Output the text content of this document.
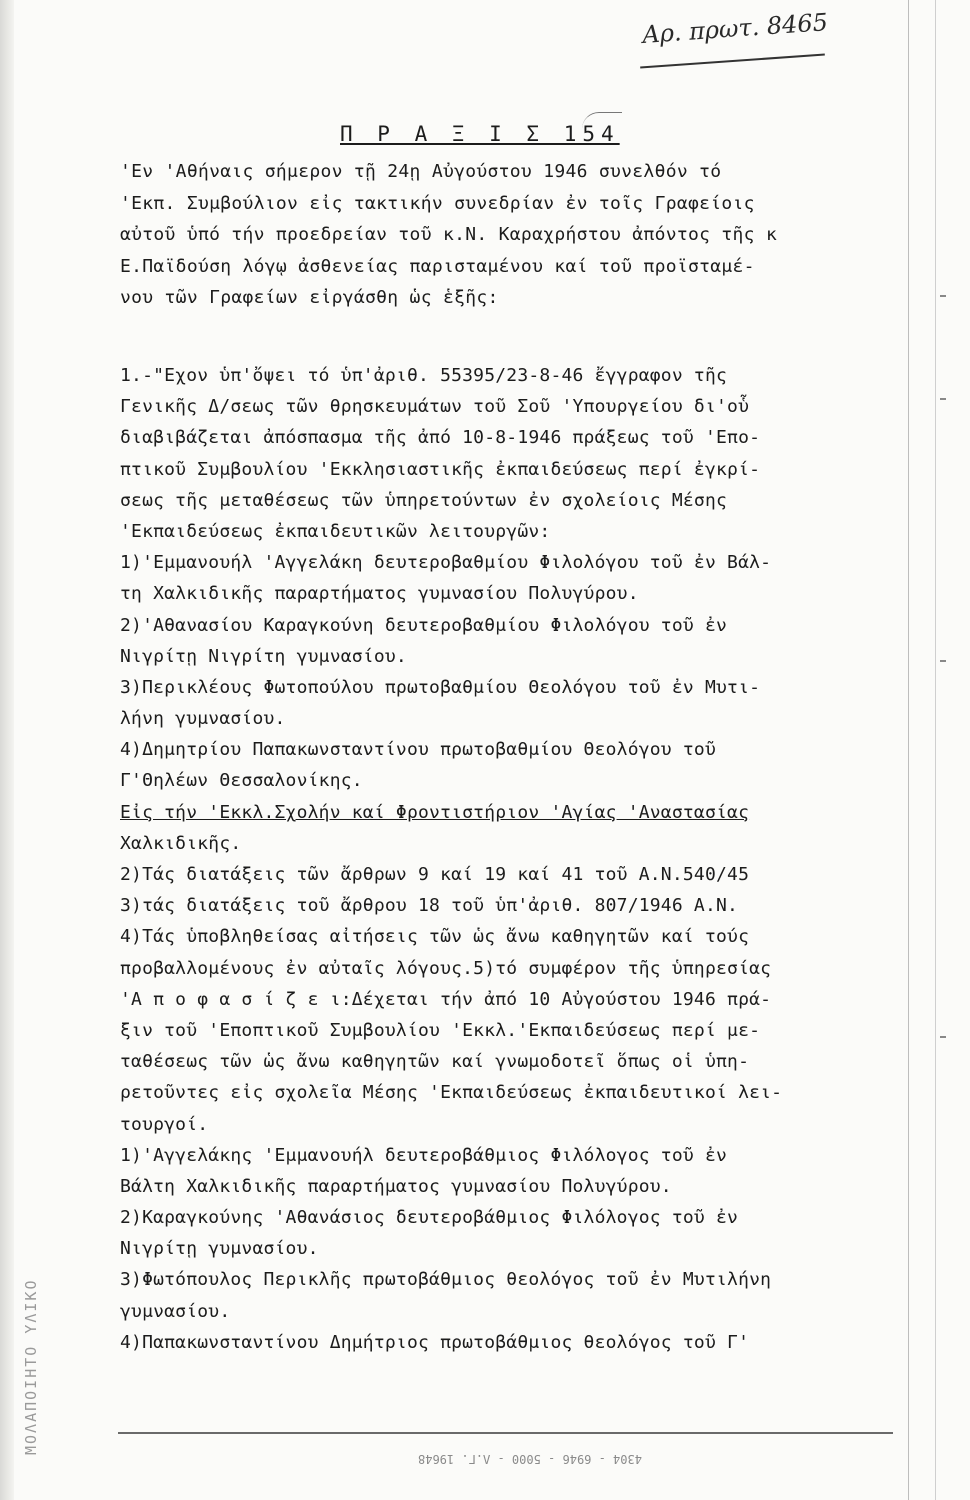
ΜΟΛΑΠΟΙΗΤΟ ΥΛΙΚΟ
Αρ. πρωτ. 8465
Π Ρ Α Ξ Ι Σ 154
'Εν 'Αθήναις σήμερον τῇ 24ῃ Αὐγούστου 1946 συνελθόν τό
'Εκπ. Συμβούλιον εἰς τακτικήν συνεδρίαν ἐν τοῖς Γραφείοις
αὐτοῦ ὑπό τήν προεδρείαν τοῦ κ.Ν. Καραχρήστου ἀπόντος τῆς κ
Ε.Παϊδούση λόγῳ ἀσθενείας παρισταμένου καί τοῦ προϊσταμέ-
νου τῶν Γραφείων εἰργάσθη ὡς ἑξῆς:
1.-"Εχον ὑπ'ὄψει τό ὑπ'ἀριθ. 55395/23-8-46 ἔγγραφον τῆς
Γενικῆς Δ/σεως τῶν θρησκευμάτων τοῦ Σοῦ 'Υπουργείου δι'οὗ
διαβιβάζεται ἀπόσπασμα τῆς ἀπό 10-8-1946 πράξεως τοῦ 'Επο-
πτικοῦ Συμβουλίου 'Εκκλησιαστικῆς ἐκπαιδεύσεως περί ἐγκρί-
σεως τῆς μεταθέσεως τῶν ὑπηρετούντων ἐν σχολείοις Μέσης
'Εκπαιδεύσεως ἐκπαιδευτικῶν λειτουργῶν:
1)'Εμμανουήλ 'Αγγελάκη δευτεροβαθμίου Φιλολόγου τοῦ ἐν Βάλ-
τη Χαλκιδικῆς παραρτήματος γυμνασίου Πολυγύρου.
2)'Αθανασίου Καραγκούνη δευτεροβαθμίου Φιλολόγου τοῦ ἐν
Νιγρίτῃ Νιγρίτη γυμνασίου.
3)Περικλέους Φωτοπούλου πρωτοβαθμίου Θεολόγου τοῦ ἐν Μυτι-
λήνη γυμνασίου.
4)Δημητρίου Παπακωνσταντίνου πρωτοβαθμίου Θεολόγου τοῦ
Γ'Θηλέων Θεσσαλονίκης.
Εἰς τήν 'Εκκλ.Σχολήν καί Φροντιστήριον 'Αγίας 'Αναστασίας
Χαλκιδικῆς.
2)Τάς διατάξεις τῶν ἄρθρων 9 καί 19 καί 41 τοῦ Α.Ν.540/45
3)τάς διατάξεις τοῦ ἄρθρου 18 τοῦ ὑπ'ἀριθ. 807/1946 Α.Ν.
4)Τάς ὑποβληθείσας αἰτήσεις τῶν ὡς ἄνω καθηγητῶν καί τούς
προβαλλομένους ἐν αὐταῖς λόγους.5)τό συμφέρον τῆς ὑπηρεσίας
'Α π ο φ α σ ί ζ ε ι:Δέχεται τήν ἀπό 10 Αὐγούστου 1946 πρά-
ξιν τοῦ 'Εποπτικοῦ Συμβουλίου 'Εκκλ.'Εκπαιδεύσεως περί με-
ταθέσεως τῶν ὡς ἄνω καθηγητῶν καί γνωμοδοτεῖ ὅπως οἱ ὑπη-
ρετοῦντες εἰς σχολεῖα Μέσης 'Εκπαιδεύσεως ἐκπαιδευτικοί λει-
τουργοί.
1)'Αγγελάκης 'Εμμανουήλ δευτεροβάθμιος Φιλόλογος τοῦ ἐν
Βάλτη Χαλκιδικῆς παραρτήματος γυμνασίου Πολυγύρου.
2)Καραγκούνης 'Αθανάσιος δευτεροβάθμιος Φιλόλογος τοῦ ἐν
Νιγρίτῃ γυμνασίου.
3)Φωτόπουλος Περικλῆς πρωτοβάθμιος θεολόγος τοῦ ἐν Μυτιλήνη
γυμνασίου.
4)Παπακωνσταντίνου Δημήτριος πρωτοβάθμιος θεολόγος τοῦ Γ'
4304 - 6946 - 5000 - Λ.Γ. 19648
